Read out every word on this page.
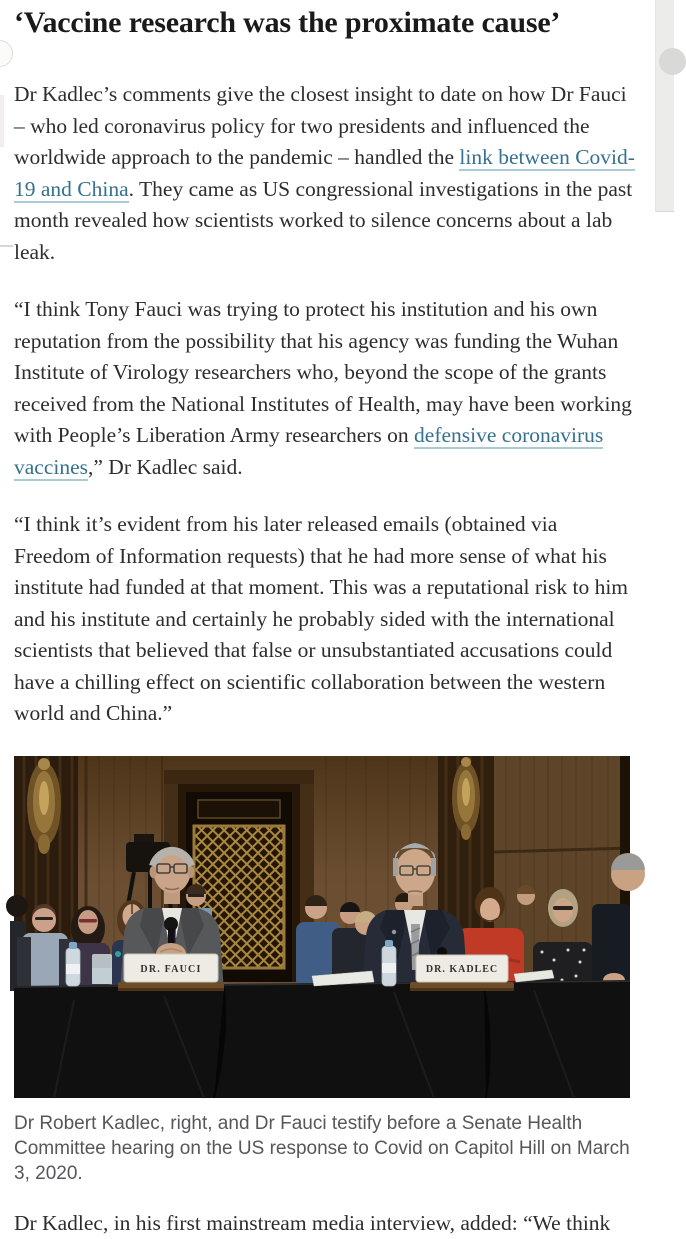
‘Vaccine research was the proximate cause’

Dr Kadlec’s comments give the closest insight to date on how Dr Fauci – who led coronavirus policy for two presidents and influenced the worldwide approach to the pandemic – handled the link between Covid-19 and China. They came as US congressional investigations in the past month revealed how scientists worked to silence concerns about a lab leak.

“I think Tony Fauci was trying to protect his institution and his own reputation from the possibility that his agency was funding the Wuhan Institute of Virology researchers who, beyond the scope of the grants received from the National Institutes of Health, may have been working with People’s Liberation Army researchers on defensive coronavirus vaccines,” Dr Kadlec said.

“I think it’s evident from his later released emails (obtained via Freedom of Information requests) that he had more sense of what his institute had funded at that moment. This was a reputational risk to him and his institute and certainly he probably sided with the international scientists that believed that false or unsubstantiated accusations could have a chilling effect on scientific collaboration between the western world and China.”

DR. FAUCI	DR. KADLEC
Dr Robert Kadlec, right, and Dr Fauci testify before a Senate Health Committee hearing on the US response to Covid on Capitol Hill on March 3, 2020.

Dr Kadlec, in his first mainstream media interview, added: “We think
